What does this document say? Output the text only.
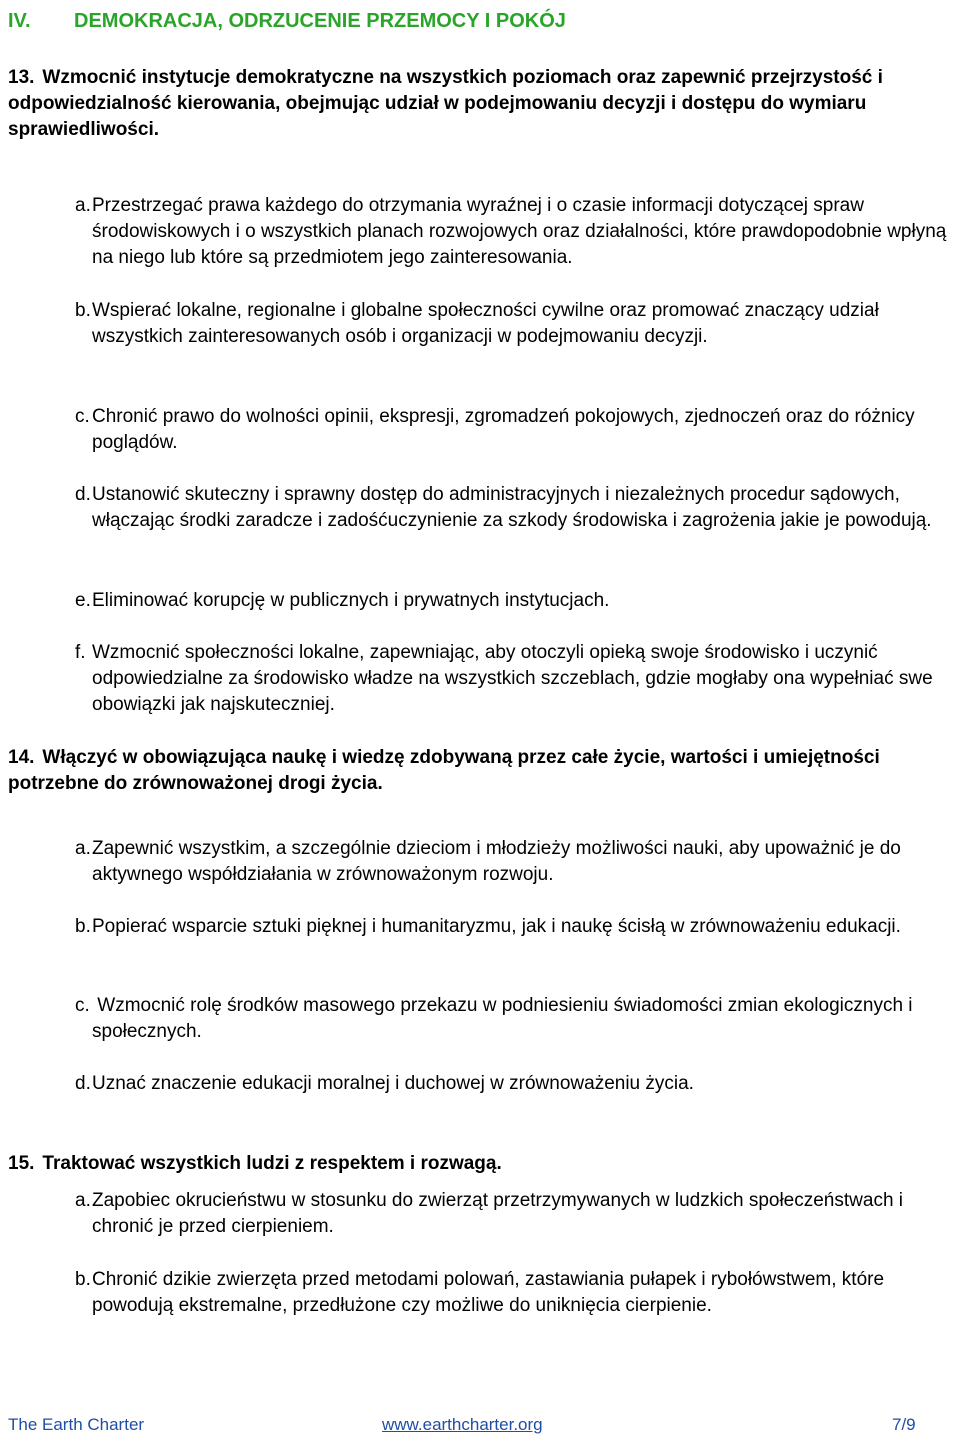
IV. DEMOKRACJA, ODRZUCENIE PRZEMOCY I POKÓJ
13. Wzmocnić instytucje demokratyczne na wszystkich poziomach oraz zapewnić przejrzystość i odpowiedzialność kierowania, obejmując udział w podejmowaniu decyzji i dostępu do wymiaru sprawiedliwości.
a.Przestrzegać prawa każdego do otrzymania wyraźnej i o czasie informacji dotyczącej spraw środowiskowych i o wszystkich planach rozwojowych oraz działalności, które prawdopodobnie wpłyną na niego lub które są przedmiotem jego zainteresowania.
b.Wspierać lokalne, regionalne i globalne społeczności cywilne oraz promować znaczący udział wszystkich zainteresowanych osób i organizacji w podejmowaniu decyzji.
c. Chronić prawo do wolności opinii, ekspresji, zgromadzeń pokojowych, zjednoczeń oraz do różnicy poglądów.
d.Ustanowić skuteczny i sprawny dostęp do administracyjnych i niezależnych procedur sądowych, włączając środki zaradcze i zadośćuczynienie za szkody środowiska i zagrożenia jakie je powodują.
e.Eliminować korupcję w publicznych i prywatnych instytucjach.
f. Wzmocnić społeczności lokalne, zapewniając, aby otoczyli opieką swoje środowisko i uczynić odpowiedzialne za środowisko władze na wszystkich szczeblach, gdzie mogłaby ona wypełniać swe obowiązki jak najskuteczniej.
14. Włączyć w obowiązująca naukę i wiedzę zdobywaną przez całe życie, wartości i umiejętności potrzebne do zrównoważonej drogi życia.
a.Zapewnić wszystkim, a szczególnie dzieciom i młodzieży możliwości nauki, aby upoważnić je do aktywnego współdziałania w zrównoważonym rozwoju.
b.Popierać wsparcie sztuki pięknej i humanitaryzmu, jak i naukę ścisłą w zrównoważeniu edukacji.
c. Wzmocnić rolę środków masowego przekazu w podniesieniu świadomości zmian ekologicznych i społecznych.
d.Uznać znaczenie edukacji moralnej i duchowej w zrównoważeniu życia.
15. Traktować wszystkich ludzi z respektem i rozwagą.
a.Zapobiec okrucieństwu w stosunku do zwierząt przetrzymywanych w ludzkich społeczeństwach i chronić je przed cierpieniem.
b.Chronić dzikie zwierzęta przed metodami polowań, zastawiania pułapek i rybołówstwem, które powodują ekstremalne, przedłużone czy możliwe do uniknięcia cierpienie.
The Earth Charter	www.earthcharter.org	7/9
